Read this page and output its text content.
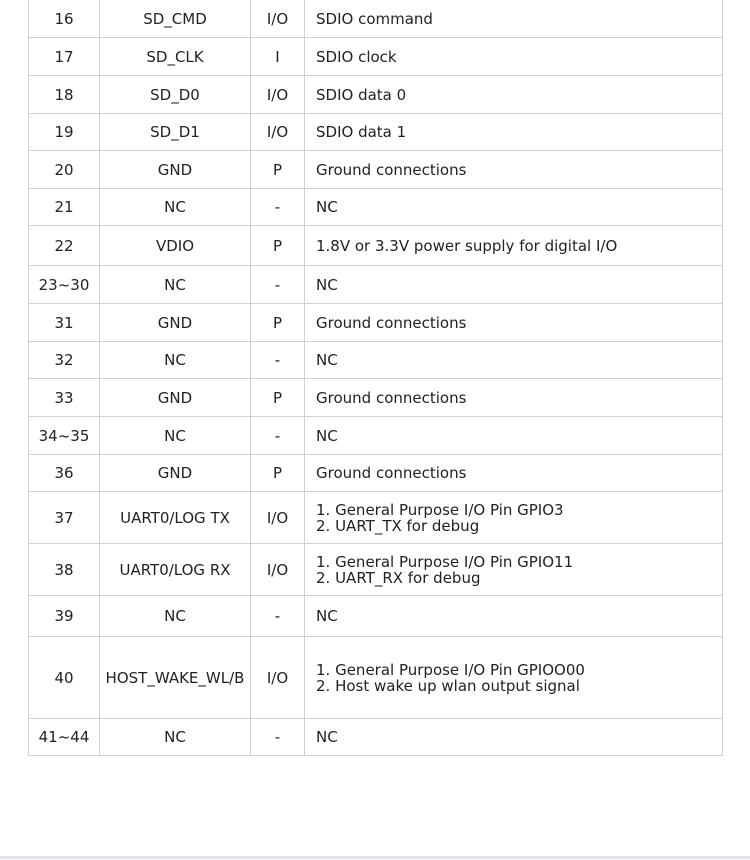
16	SD_CMD	I/O	SDIO command

17	SD_CLK	I	SDIO clock

18	SD_D0	I/O	SDIO data 0

19	SD_D1	I/O	SDIO data 1

20	GND	P	Ground connections

21	NC	-	NC

22	VDIO	P	1.8V or 3.3V power supply for digital I/O

23~30	NC	-	NC

31	GND	P	Ground connections

32	NC	-	NC

33	GND	P	Ground connections

34~35	NC	-	NC

36	GND	P	Ground connections

37	UART0/LOG TX	I/O	1. General Purpose I/O Pin GPIO3
2. UART_TX for debug

38	UART0/LOG RX	I/O	1. General Purpose I/O Pin GPIO11
2. UART_RX for debug

39	NC	-	NC

40	HOST_WAKE_WL/B	I/O	1. General Purpose I/O Pin GPIOO00
2. Host wake up wlan output signal

41~44	NC	-	NC
